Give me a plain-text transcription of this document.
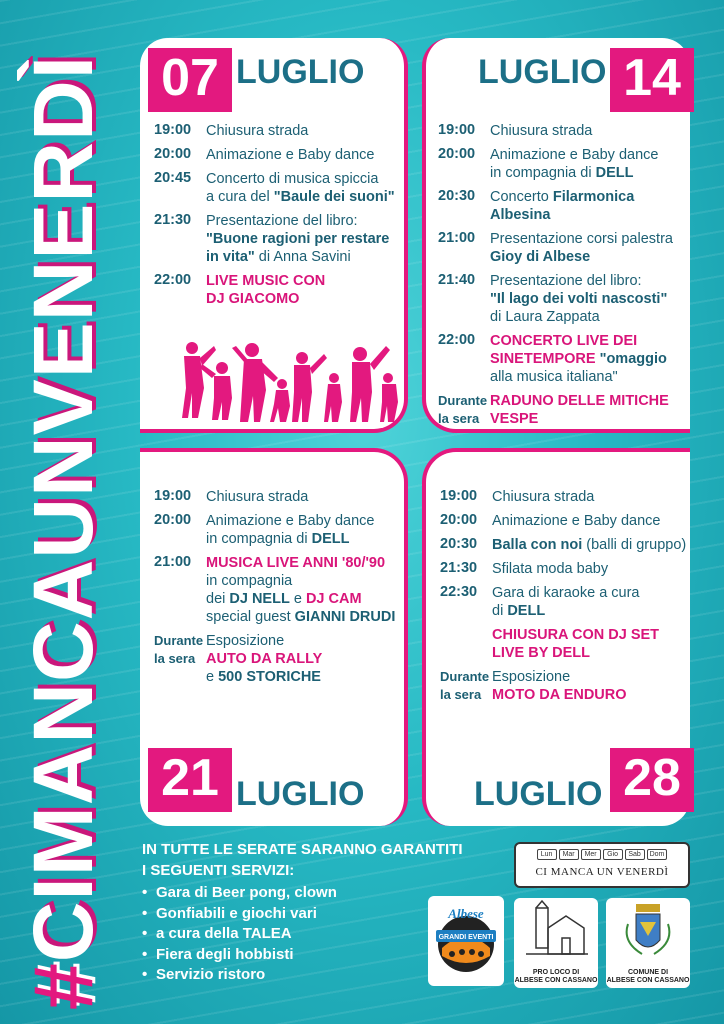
#CIMANCAUNVENERDÌ 07 LUGLIO
19:00	Chiusura strada
20:00	Animazione e Baby dance
20:45	Concerto di musica spiccia
a cura del "Baule dei suoni"
21:30	Presentazione del libro:
"Buone ragioni per restare
in vita" di Anna Savini
22:00	LIVE MUSIC CON
DJ GIACOMO
LUGLIO 14
19:00	Chiusura strada
20:00	Animazione e Baby dance
in compagnia di DELL
20:30	Concerto Filarmonica Albesina
21:00	Presentazione corsi palestra
Gioy di Albese
21:40	Presentazione del libro:
"Il lago dei volti nascosti"
di Laura Zappata
22:00	CONCERTO LIVE DEI
SINETEMPORE "omaggio
alla musica italiana"
Durante la sera
RADUNO DELLE MITICHE
VESPE
19:00	Chiusura strada
20:00	Animazione e Baby dance
in compagnia di DELL
21:00	MUSICA LIVE ANNI '80/'90
in compagnia
dei DJ NELL e DJ CAM
special guest GIANNI DRUDI
Durante la sera
Esposizione
AUTO DA RALLY
e 500 STORICHE
21 LUGLIO
19:00	Chiusura strada
20:00	Animazione e Baby dance
20:30	Balla con noi (balli di gruppo)
21:30	Sfilata moda baby
22:30	Gara di karaoke a cura
di DELL
CHIUSURA CON DJ SET
LIVE BY DELL
Durante la sera
Esposizione
MOTO DA ENDURO
LUGLIO 28
IN TUTTE LE SERATE SARANNO GARANTITI
I SEGUENTI SERVIZI:
• Gara di Beer pong, clown
• Gonfiabili e giochi vari
• a cura della TALEA
• Fiera degli hobbisti
• Servizio ristoro
Lun	Mar	Mer	Gio	Sab	Dom
CI MANCA UN VENERDÌ
GRANDI EVENTI
Albese
PRO LOCO DI
ALBESE CON CASSANO
COMUNE DI
ALBESE CON CASSANO
